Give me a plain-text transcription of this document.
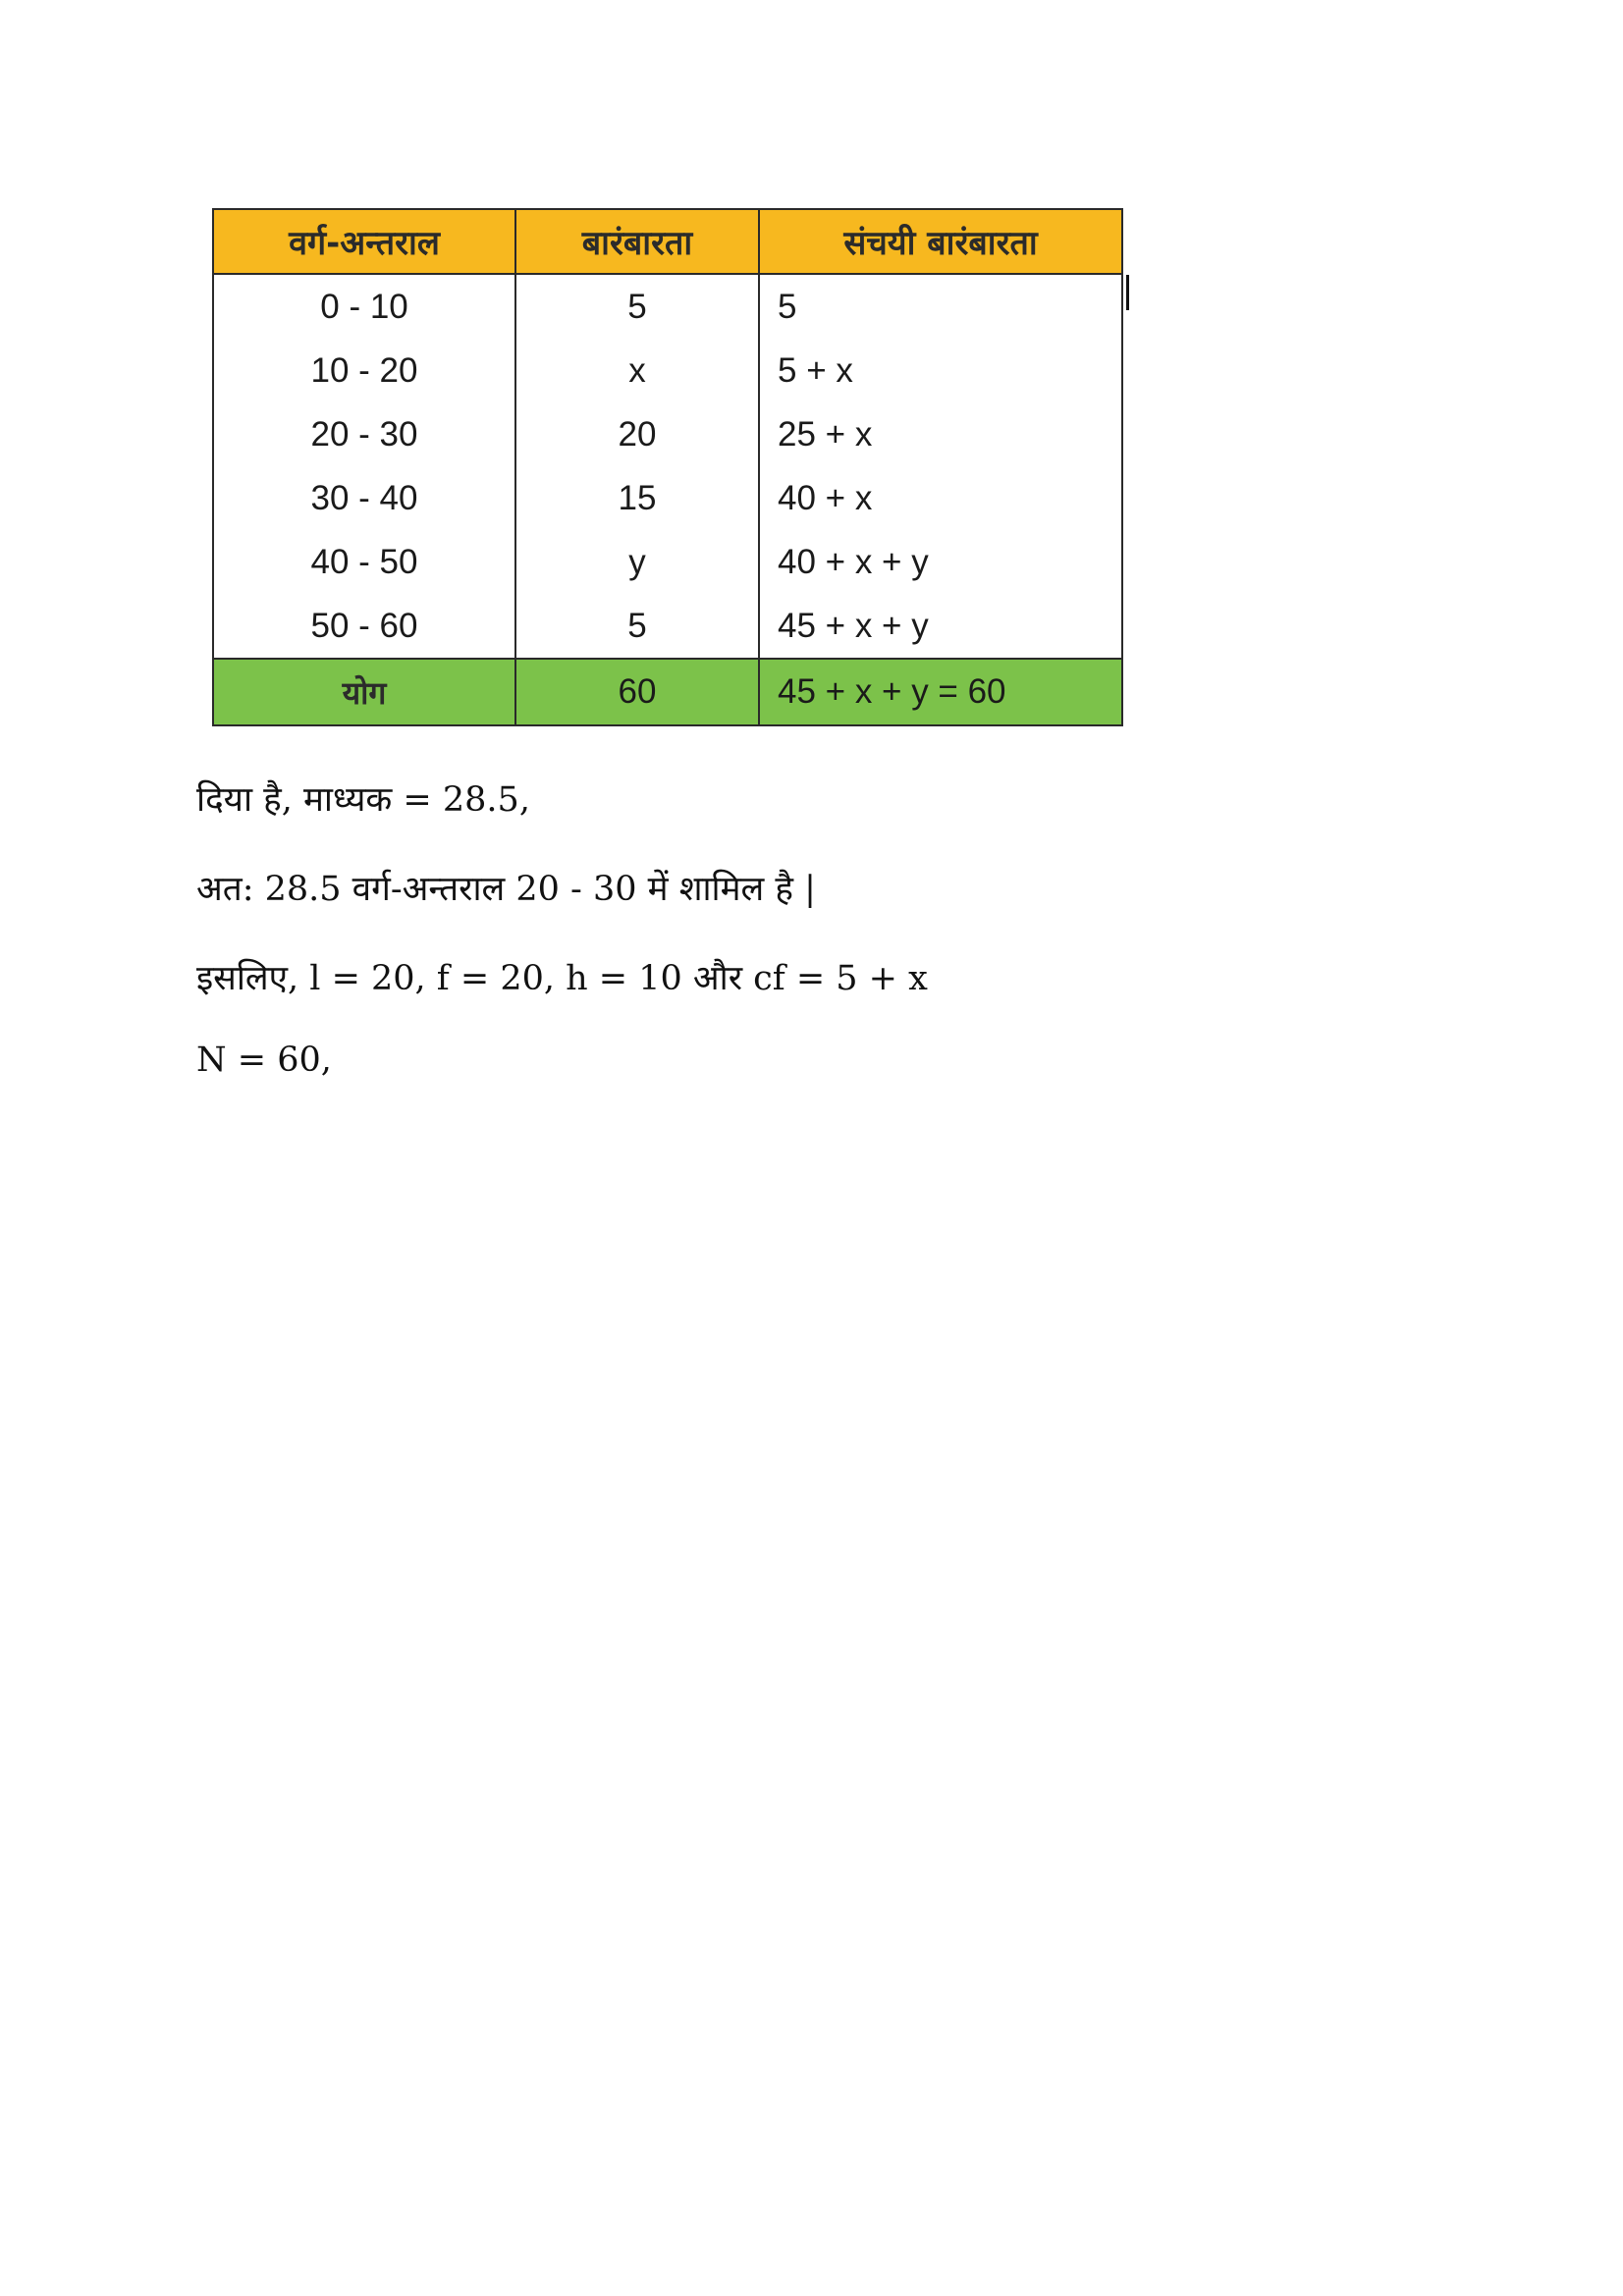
वर्ग-अन्तराल	बारंबारता	संचयी बारंबारता
0 - 10	5	5
10 - 20	x	5 + x
20 - 30	20	25 + x
30 - 40	15	40 + x
40 - 50	y	40 + x + y
50 - 60	5	45 + x + y
योग	60	45 + x + y = 60
दिया है, माध्यक = 28.5,
अत: 28.5 वर्ग-अन्तराल 20 - 30 में शामिल है |
इसलिए, l = 20, f = 20, h = 10 और cf = 5 + x
N = 60,
